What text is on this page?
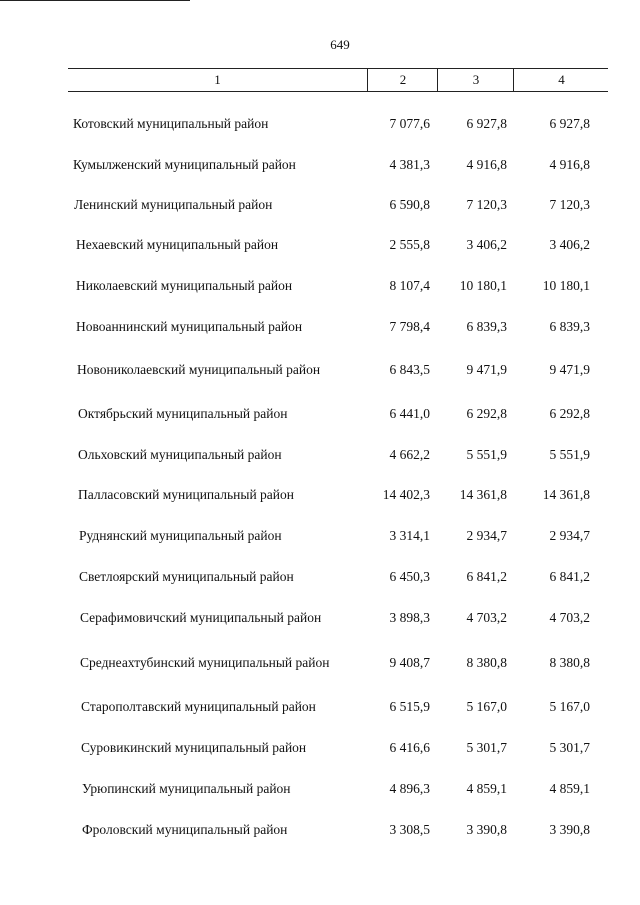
649
1	2	3	4
Котовский муниципальный район	7 077,6	6 927,8	6 927,8
Кумылженский муниципальный район	4 381,3	4 916,8	4 916,8
Ленинский муниципальный район	6 590,8	7 120,3	7 120,3
Нехаевский муниципальный район	2 555,8	3 406,2	3 406,2
Николаевский муниципальный район	8 107,4	10 180,1	10 180,1
Новоаннинский муниципальный район	7 798,4	6 839,3	6 839,3
Новониколаевский муниципальный район	6 843,5	9 471,9	9 471,9
Октябрьский муниципальный район	6 441,0	6 292,8	6 292,8
Ольховский муниципальный район	4 662,2	5 551,9	5 551,9
Палласовский муниципальный район	14 402,3	14 361,8	14 361,8
Руднянский муниципальный район	3 314,1	2 934,7	2 934,7
Светлоярский муниципальный район	6 450,3	6 841,2	6 841,2
Серафимовичский муниципальный район	3 898,3	4 703,2	4 703,2
Среднеахтубинский муниципальный район	9 408,7	8 380,8	8 380,8
Старополтавский муниципальный район	6 515,9	5 167,0	5 167,0
Суровикинский муниципальный район	6 416,6	5 301,7	5 301,7
Урюпинский муниципальный район	4 896,3	4 859,1	4 859,1
Фроловский муниципальный район	3 308,5	3 390,8	3 390,8
